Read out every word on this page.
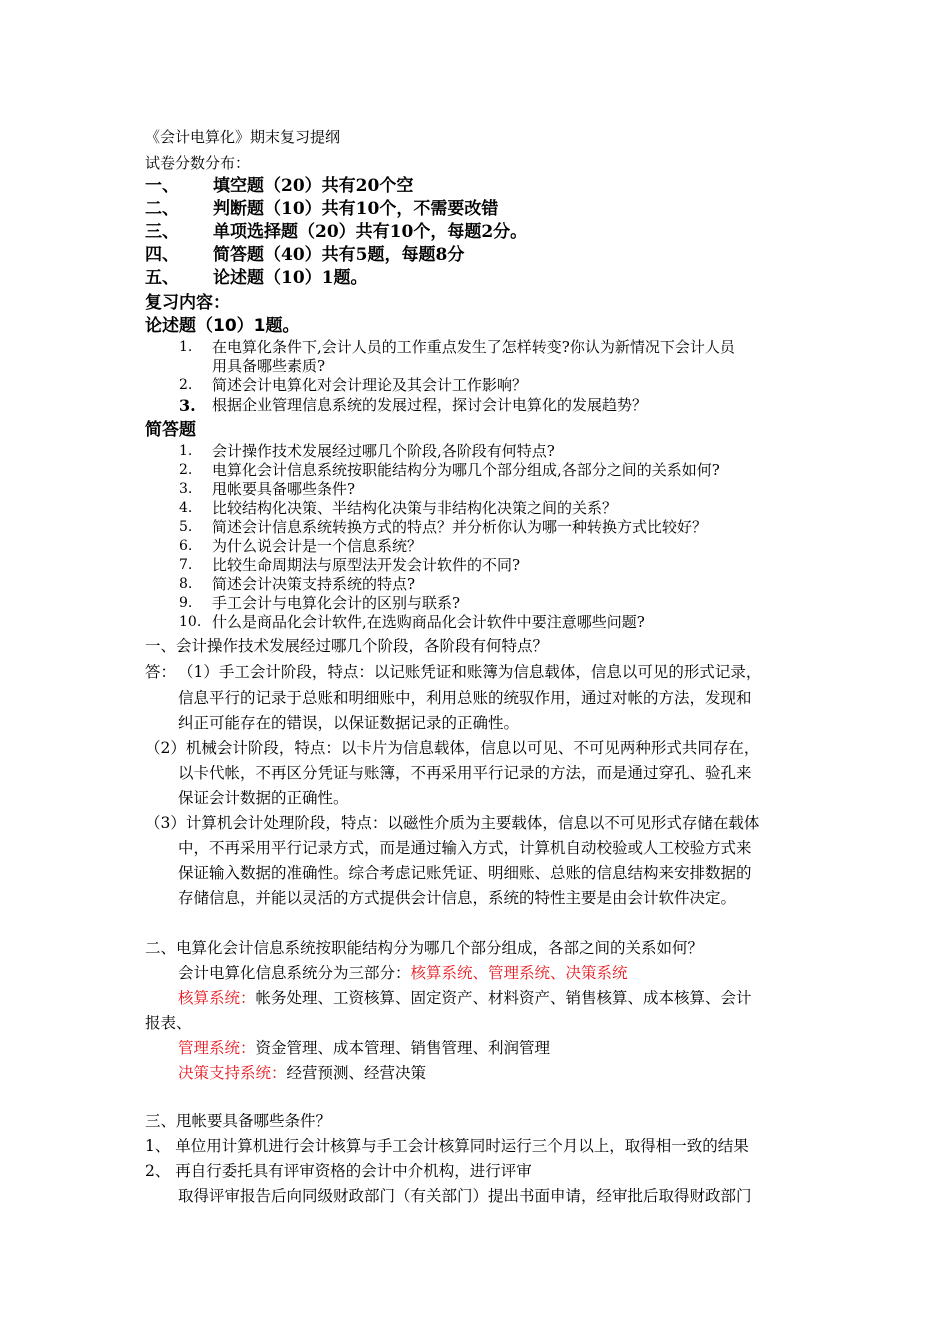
《会计电算化》期末复习提纲
试卷分数分布：
一、 填空题（20）共有20个空
二、 判断题（10）共有10个，不需要改错
三、 单项选择题（20）共有10个，每题2分。
四、 简答题（40）共有5题，每题8分
五、 论述题（10）1题。
复习内容：
论述题（10）1题。
1. 在电算化条件下,会计人员的工作重点发生了怎样转变?你认为新情况下会计人员
用具备哪些素质?
2. 简述会计电算化对会计理论及其会计工作影响？
3. 根据企业管理信息系统的发展过程，探讨会计电算化的发展趋势？
简答题
1. 会计操作技术发展经过哪几个阶段,各阶段有何特点?
2. 电算化会计信息系统按职能结构分为哪几个部分组成,各部分之间的关系如何?
3. 甩帐要具备哪些条件?
4. 比较结构化决策、半结构化决策与非结构化决策之间的关系？
5. 简述会计信息系统转换方式的特点？并分析你认为哪一种转换方式比较好？
6. 为什么说会计是一个信息系统？
7. 比较生命周期法与原型法开发会计软件的不同?
8. 简述会计决策支持系统的特点?
9. 手工会计与电算化会计的区别与联系?
10. 什么是商品化会计软件,在选购商品化会计软件中要注意哪些问题?
一、会计操作技术发展经过哪几个阶段，各阶段有何特点？
答： （1）手工会计阶段，特点：以记账凭证和账簿为信息载体，信息以可见的形式记录，
信息平行的记录于总账和明细账中，利用总账的统驭作用，通过对帐的方法，发现和
纠正可能存在的错误，以保证数据记录的正确性。
（2）机械会计阶段，特点：以卡片为信息载体，信息以可见、不可见两种形式共同存在，
以卡代帐，不再区分凭证与账簿，不再采用平行记录的方法，而是通过穿孔、验孔来
保证会计数据的正确性。
（3）计算机会计处理阶段，特点：以磁性介质为主要载体，信息以不可见形式存储在载体
中，不再采用平行记录方式，而是通过输入方式，计算机自动校验或人工校验方式来
保证输入数据的准确性。综合考虑记账凭证、明细账、总账的信息结构来安排数据的
存储信息，并能以灵活的方式提供会计信息，系统的特性主要是由会计软件决定。
二、电算化会计信息系统按职能结构分为哪几个部分组成，各部之间的关系如何？
会计电算化信息系统分为三部分：核算系统、管理系统、决策系统
核算系统：帐务处理、工资核算、固定资产、材料资产、销售核算、成本核算、会计
报表、
管理系统：资金管理、成本管理、销售管理、利润管理
决策支持系统：经营预测、经营决策
三、甩帐要具备哪些条件？
1、 单位用计算机进行会计核算与手工会计核算同时运行三个月以上，取得相一致的结果
2、 再自行委托具有评审资格的会计中介机构，进行评审
取得评审报告后向同级财政部门（有关部门）提出书面申请，经审批后取得财政部门
